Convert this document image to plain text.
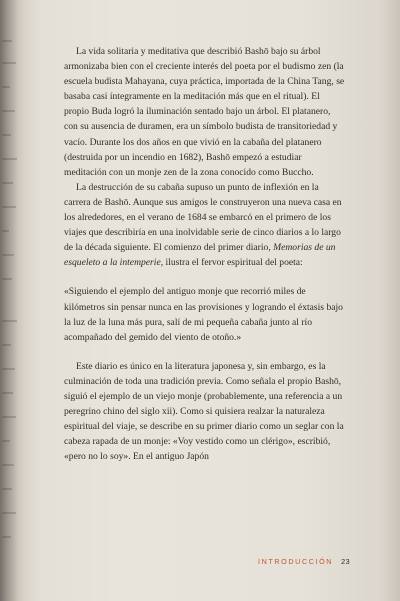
La vida solitaria y meditativa que describió Bashō bajo su árbol armonizaba bien con el creciente interés del poeta por el budismo zen (la escuela budista Mahayana, cuya práctica, importada de la China Tang, se basaba casi íntegramente en la meditación más que en el ritual). El propio Buda logró la iluminación sentado bajo un árbol. El platanero, con su ausencia de duramen, era un símbolo budista de transitoriedad y vacío. Durante los dos años en que vivió en la cabaña del platanero (destruida por un incendio en 1682), Bashō empezó a estudiar meditación con un monje zen de la zona conocido como Buccho.

La destrucción de su cabaña supuso un punto de inflexión en la carrera de Bashō. Aunque sus amigos le construyeron una nueva casa en los alrededores, en el verano de 1684 se embarcó en el primero de los viajes que describiría en una inolvidable serie de cinco diarios a lo largo de la década siguiente. El comienzo del primer diario, Memorias de un esqueleto a la intemperie, ilustra el fervor espiritual del poeta:

«Siguiendo el ejemplo del antiguo monje que recorrió miles de kilómetros sin pensar nunca en las provisiones y logrando el éxtasis bajo la luz de la luna más pura, salí de mi pequeña cabaña junto al río acompañado del gemido del viento de otoño.»

Este diario es único en la literatura japonesa y, sin embargo, es la culminación de toda una tradición previa. Como señala el propio Bashō, siguió el ejemplo de un viejo monje (probablemente, una referencia a un peregrino chino del siglo xii). Como si quisiera realzar la naturaleza espiritual del viaje, se describe en su primer diario como un seglar con la cabeza rapada de un monje: «Voy vestido como un clérigo», escribió, «pero no lo soy». En el antiguo Japón

INTRODUCCIÓN 23
